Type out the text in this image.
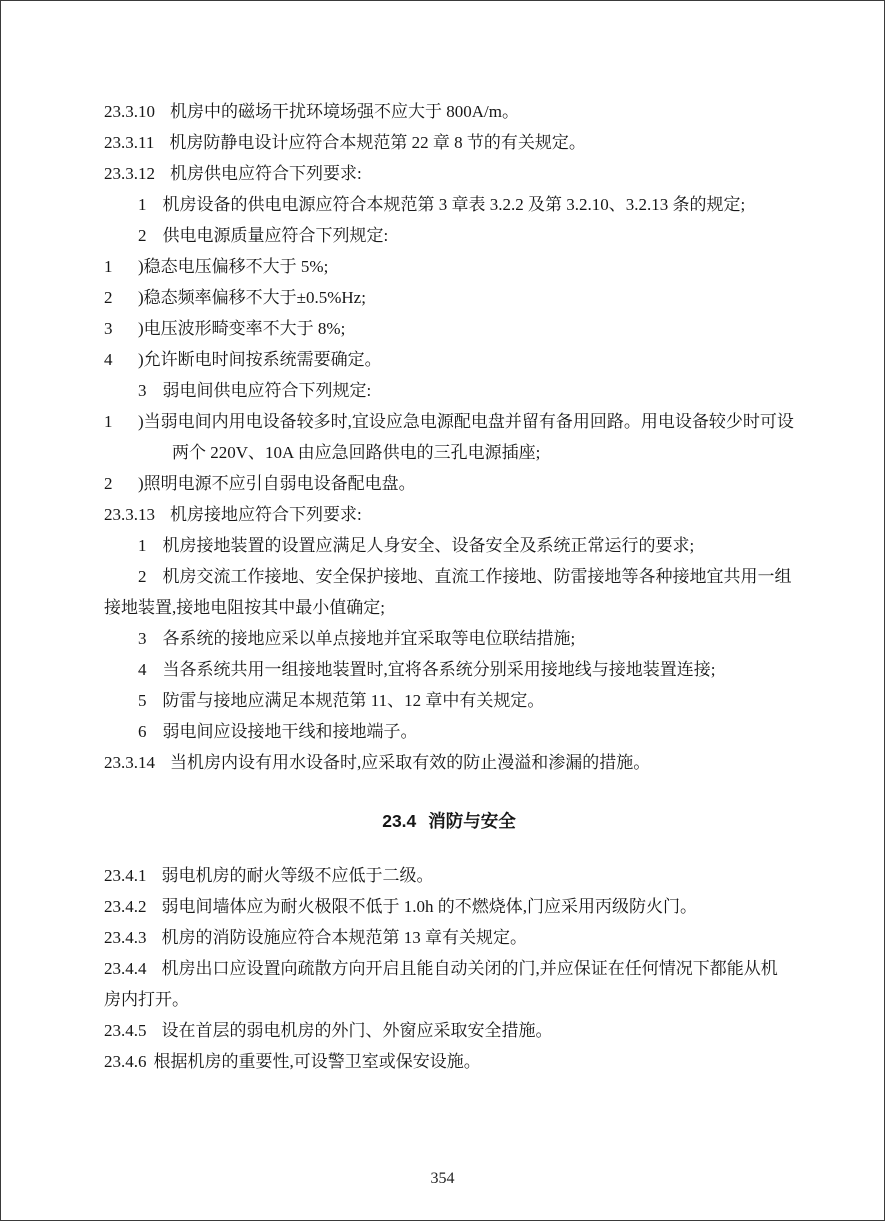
23.3.10 机房中的磁场干扰环境场强不应大于 800A/m。

23.3.11 机房防静电设计应符合本规范第 22 章 8 节的有关规定。

23.3.12 机房供电应符合下列要求:

1 机房设备的供电电源应符合本规范第 3 章表 3.2.2 及第 3.2.10、3.2.13 条的规定;

2 供电电源质量应符合下列规定:

1 )稳态电压偏移不大于 5%;

2 )稳态频率偏移不大于±0.5%Hz;

3 )电压波形畸变率不大于 8%;

4 )允许断电时间按系统需要确定。

3 弱电间供电应符合下列规定:

1 )当弱电间内用电设备较多时,宜设应急电源配电盘并留有备用回路。用电设备较少时可设两个 220V、10A 由应急回路供电的三孔电源插座;

2 )照明电源不应引自弱电设备配电盘。

23.3.13 机房接地应符合下列要求:

1 机房接地装置的设置应满足人身安全、设备安全及系统正常运行的要求;

2 机房交流工作接地、安全保护接地、直流工作接地、防雷接地等各种接地宜共用一组接地装置,接地电阻按其中最小值确定;

3 各系统的接地应采以单点接地并宜采取等电位联结措施;

4 当各系统共用一组接地装置时,宜将各系统分别采用接地线与接地装置连接;

5 防雷与接地应满足本规范第 11、12 章中有关规定。

6 弱电间应设接地干线和接地端子。

23.3.14 当机房内设有用水设备时,应采取有效的防止漫溢和渗漏的措施。

23.4 消防与安全

23.4.1 弱电机房的耐火等级不应低于二级。

23.4.2 弱电间墙体应为耐火极限不低于 1.0h 的不燃烧体,门应采用丙级防火门。

23.4.3 机房的消防设施应符合本规范第 13 章有关规定。

23.4.4 机房出口应设置向疏散方向开启且能自动关闭的门,并应保证在任何情况下都能从机房内打开。

23.4.5 设在首层的弱电机房的外门、外窗应采取安全措施。

23.4.6 根据机房的重要性,可设警卫室或保安设施。

354
